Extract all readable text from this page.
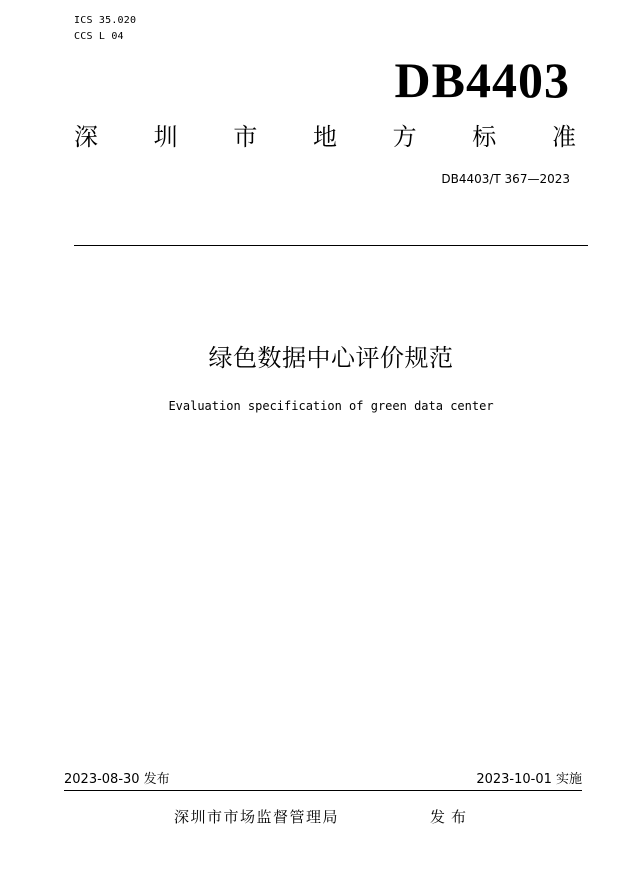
ICS 35.020
CCS L 04
DB4403
深 圳 市 地 方 标 准
DB4403/T 367—2023
绿色数据中心评价规范
Evaluation specification of green data center
2023-08-30 发布	2023-10-01 实施
深圳市市场监督管理局	发布
